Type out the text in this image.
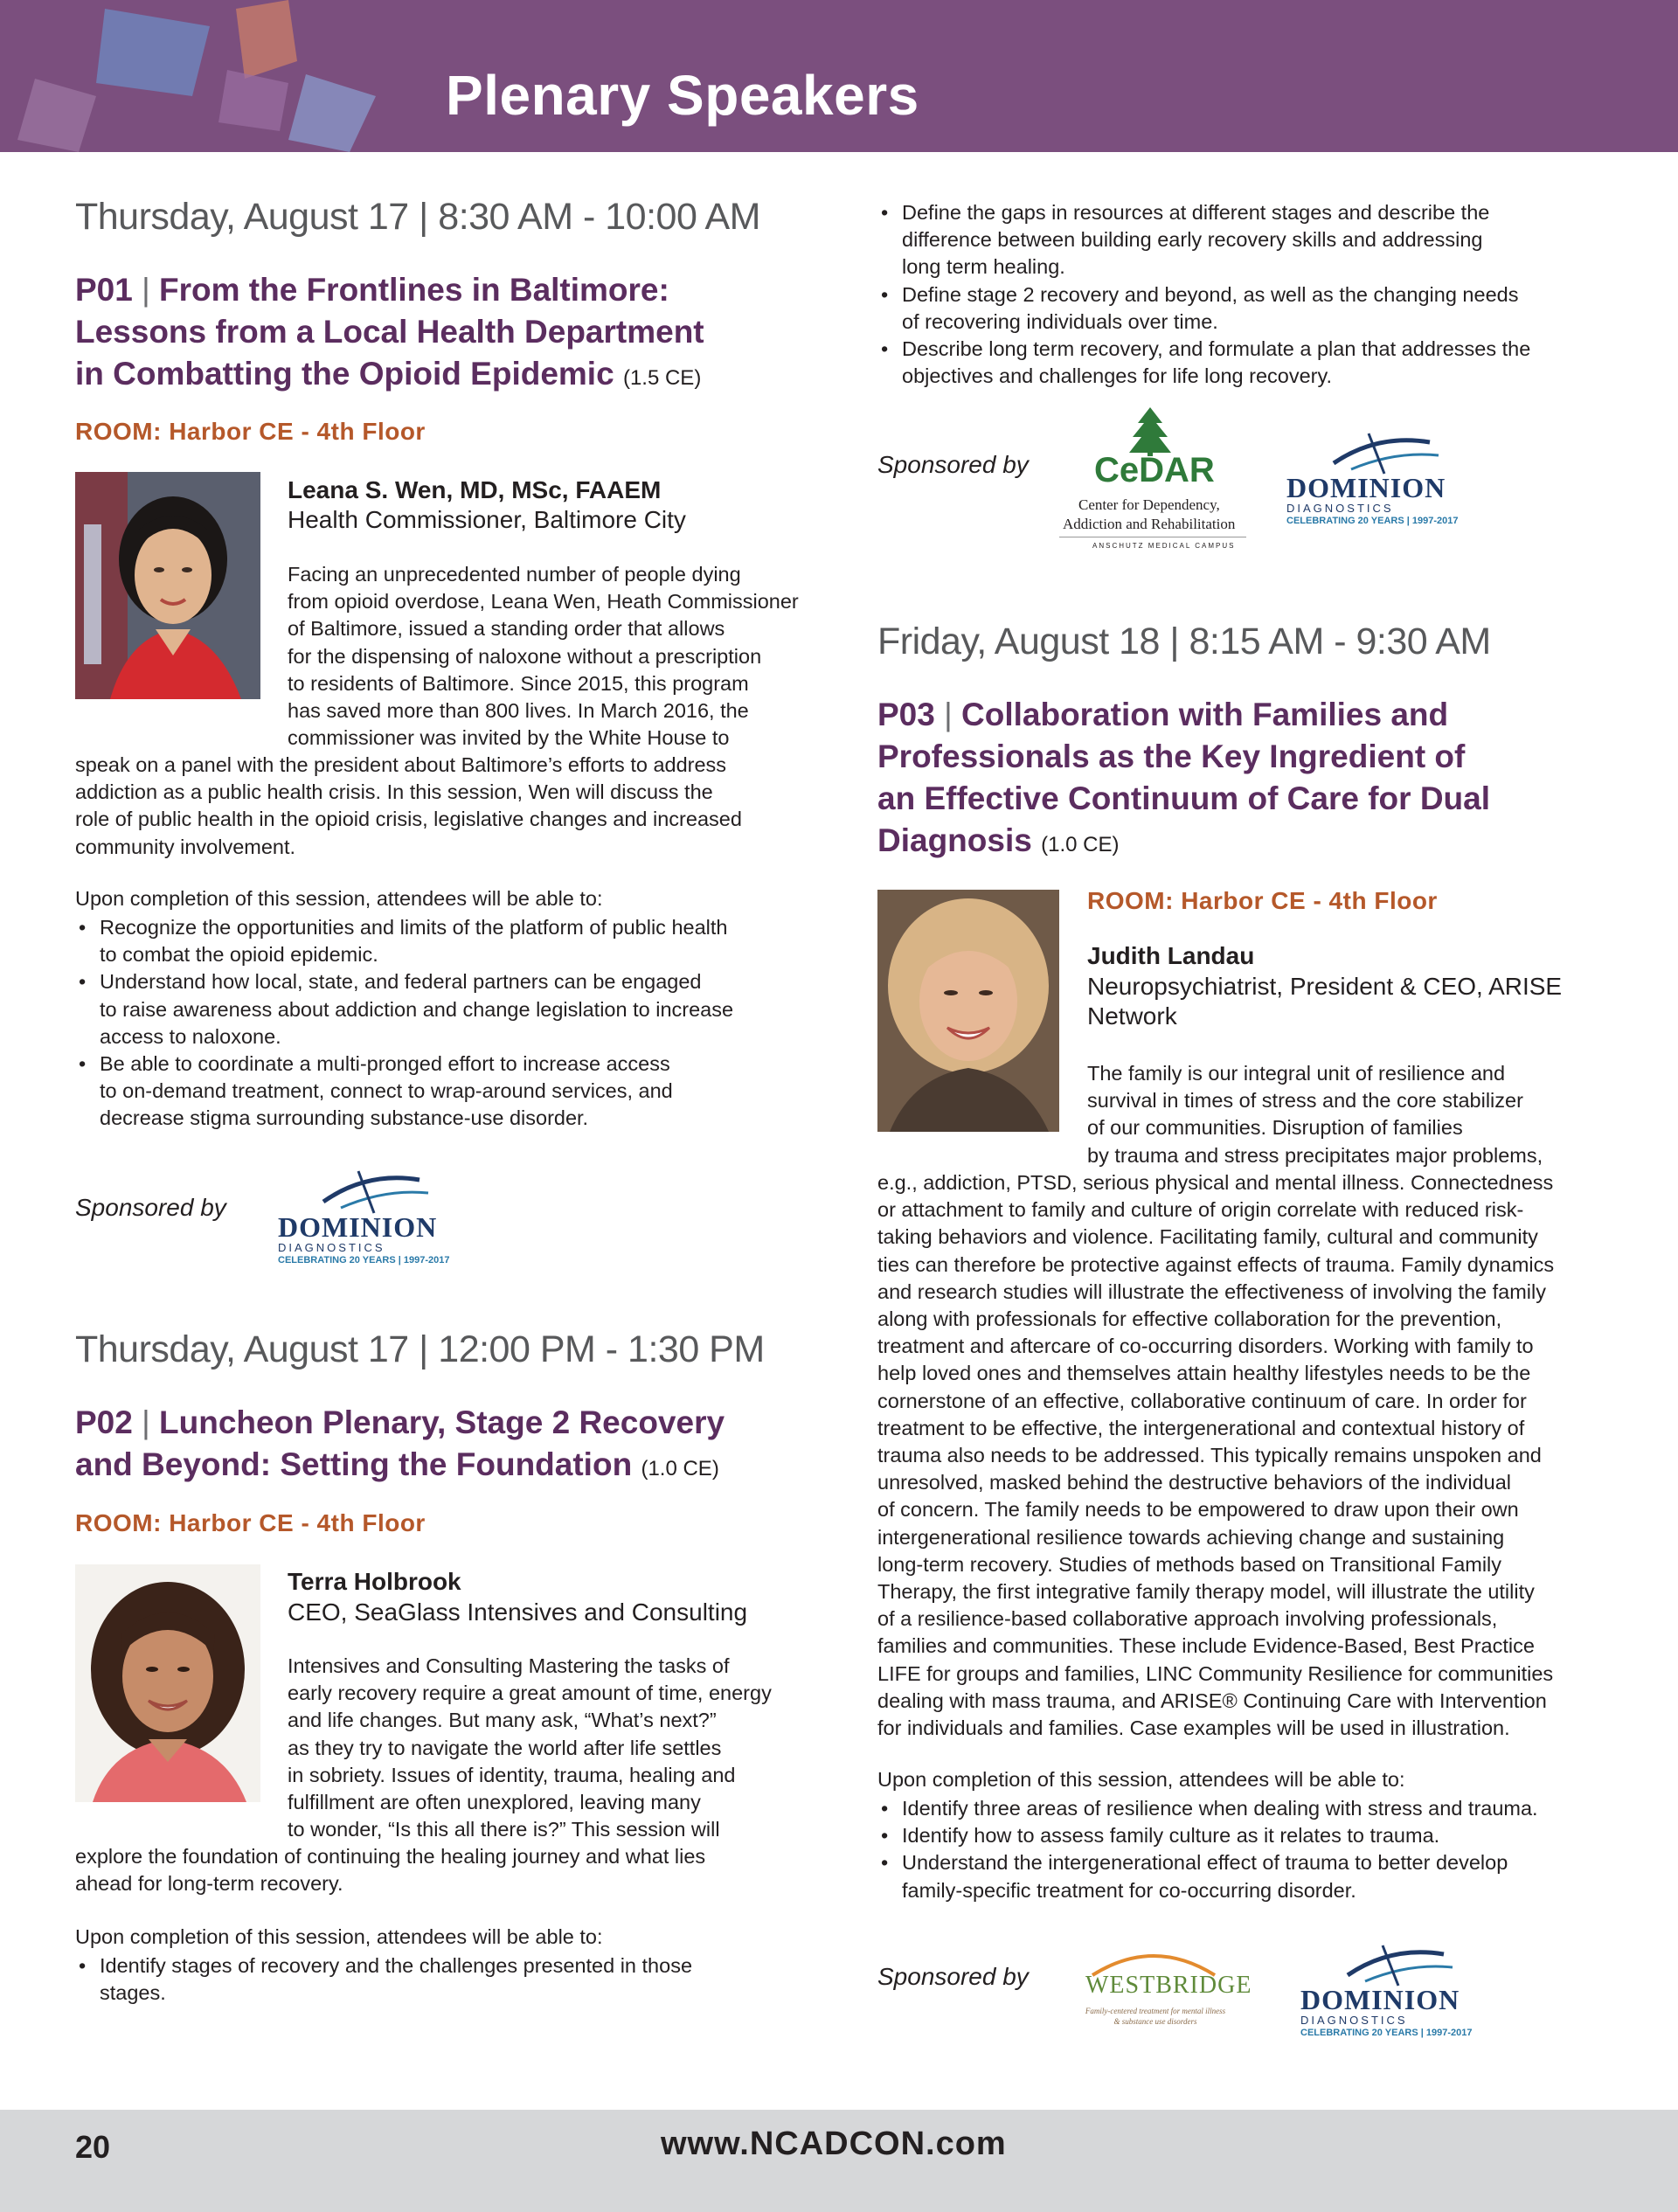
Plenary Speakers
Thursday, August 17 | 8:30 AM - 10:00 AM
P01 | From the Frontlines in Baltimore:
Lessons from a Local Health Department
in Combatting the Opioid Epidemic (1.5 CE)
ROOM: Harbor CE - 4th Floor
Leana S. Wen, MD, MSc, FAAEM
Health Commissioner, Baltimore City
Facing an unprecedented number of people dying
from opioid overdose, Leana Wen, Heath Commissioner
of Baltimore, issued a standing order that allows
for the dispensing of naloxone without a prescription
to residents of Baltimore. Since 2015, this program
has saved more than 800 lives. In March 2016, the
commissioner was invited by the White House to
speak on a panel with the president about Baltimore’s efforts to address
addiction as a public health crisis. In this session, Wen will discuss the
role of public health in the opioid crisis, legislative changes and increased
community involvement.
Upon completion of this session, attendees will be able to:
• Recognize the opportunities and limits of the platform of public health
to combat the opioid epidemic.
• Understand how local, state, and federal partners can be engaged
to raise awareness about addiction and change legislation to increase
access to naloxone.
• Be able to coordinate a multi-pronged effort to increase access
to on-demand treatment, connect to wrap-around services, and
decrease stigma surrounding substance-use disorder.
Sponsored by
DOMINION
DIAGNOSTICS
CELEBRATING 20 YEARS | 1997-2017
Thursday, August 17 | 12:00 PM - 1:30 PM
P02 | Luncheon Plenary, Stage 2 Recovery
and Beyond: Setting the Foundation (1.0 CE)
ROOM: Harbor CE - 4th Floor
Terra Holbrook
CEO, SeaGlass Intensives and Consulting
Intensives and Consulting Mastering the tasks of
early recovery require a great amount of time, energy
and life changes. But many ask, “What’s next?”
as they try to navigate the world after life settles
in sobriety. Issues of identity, trauma, healing and
fulfillment are often unexplored, leaving many
to wonder, “Is this all there is?” This session will
explore the foundation of continuing the healing journey and what lies
ahead for long-term recovery.
Upon completion of this session, attendees will be able to:
• Identify stages of recovery and the challenges presented in those
stages.
• Define the gaps in resources at different stages and describe the
difference between building early recovery skills and addressing
long term healing.
• Define stage 2 recovery and beyond, as well as the changing needs
of recovering individuals over time.
• Describe long term recovery, and formulate a plan that addresses the
objectives and challenges for life long recovery.
Sponsored by CeDAR
Center for Dependency,
Addiction and Rehabilitation
ANSCHUTZ MEDICAL CAMPUS
DOMINION
DIAGNOSTICS
CELEBRATING 20 YEARS | 1997-2017
Friday, August 18 | 8:15 AM - 9:30 AM
P03 | Collaboration with Families and
Professionals as the Key Ingredient of
an Effective Continuum of Care for Dual
Diagnosis (1.0 CE)
ROOM: Harbor CE - 4th Floor
Judith Landau
Neuropsychiatrist, President & CEO, ARISE
Network
The family is our integral unit of resilience and
survival in times of stress and the core stabilizer
of our communities. Disruption of families
by trauma and stress precipitates major problems,
e.g., addiction, PTSD, serious physical and mental illness. Connectedness
or attachment to family and culture of origin correlate with reduced risk-
taking behaviors and violence. Facilitating family, cultural and community
ties can therefore be protective against effects of trauma. Family dynamics
and research studies will illustrate the effectiveness of involving the family
along with professionals for effective collaboration for the prevention,
treatment and aftercare of co-occurring disorders. Working with family to
help loved ones and themselves attain healthy lifestyles needs to be the
cornerstone of an effective, collaborative continuum of care. In order for
treatment to be effective, the intergenerational and contextual history of
trauma also needs to be addressed. This typically remains unspoken and
unresolved, masked behind the destructive behaviors of the individual
of concern. The family needs to be empowered to draw upon their own
intergenerational resilience towards achieving change and sustaining
long-term recovery. Studies of methods based on Transitional Family
Therapy, the first integrative family therapy model, will illustrate the utility
of a resilience-based collaborative approach involving professionals,
families and communities. These include Evidence-Based, Best Practice
LIFE for groups and families, LINC Community Resilience for communities
dealing with mass trauma, and ARISE® Continuing Care with Intervention
for individuals and families. Case examples will be used in illustration.
Upon completion of this session, attendees will be able to:
• Identify three areas of resilience when dealing with stress and trauma.
• Identify how to assess family culture as it relates to trauma.
• Understand the intergenerational effect of trauma to better develop
family-specific treatment for co-occurring disorder.
Sponsored by WESTBRIDGE
Family-centered treatment for mental illness
& substance use disorders
DOMINION
DIAGNOSTICS
CELEBRATING 20 YEARS | 1997-2017
20	www.NCADCON.com
